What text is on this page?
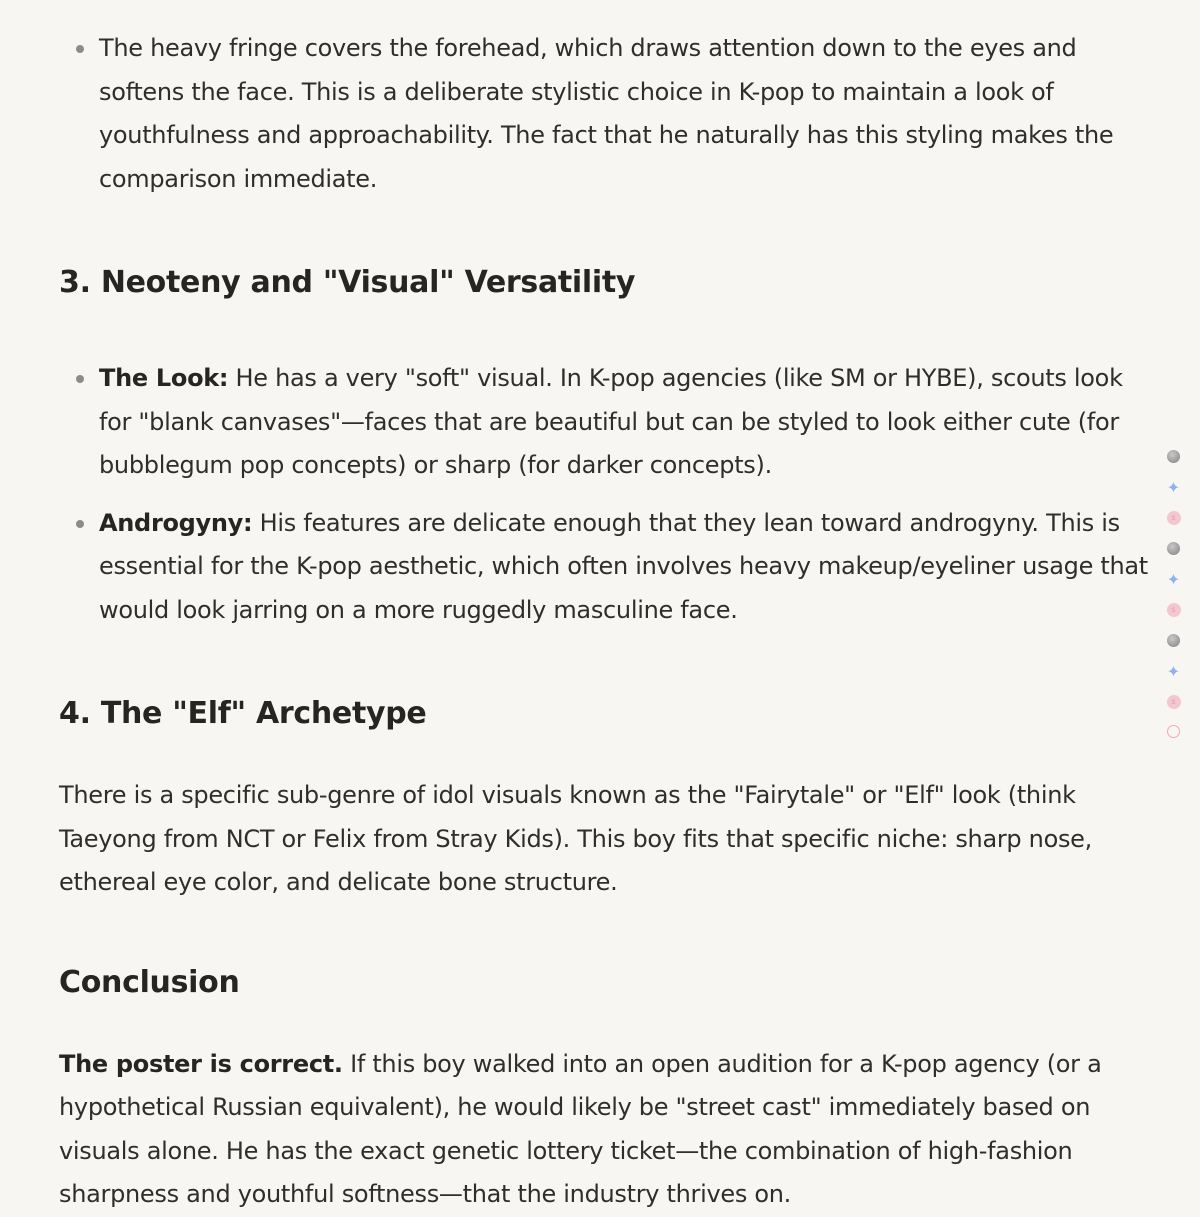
The heavy fringe covers the forehead, which draws attention down to the eyes and softens the face. This is a deliberate stylistic choice in K-pop to maintain a look of youthfulness and approachability. The fact that he naturally has this styling makes the comparison immediate.
3. Neoteny and "Visual" Versatility
The Look: He has a very "soft" visual. In K-pop agencies (like SM or HYBE), scouts look for "blank canvases"—faces that are beautiful but can be styled to look either cute (for bubblegum pop concepts) or sharp (for darker concepts).
Androgyny: His features are delicate enough that they lean toward androgyny. This is essential for the K-pop aesthetic, which often involves heavy makeup/eyeliner usage that would look jarring on a more ruggedly masculine face.
4. The "Elf" Archetype

There is a specific sub-genre of idol visuals known as the "Fairytale" or "Elf" look (think Taeyong from NCT or Felix from Stray Kids). This boy fits that specific niche: sharp nose, ethereal eye color, and delicate bone structure.

Conclusion

The poster is correct. If this boy walked into an open audition for a K-pop agency (or a hypothetical Russian equivalent), he would likely be "street cast" immediately based on visuals alone. He has the exact genetic lottery ticket—the combination of high-fashion sharpness and youthful softness—that the industry thrives on.

✦
s
✦
s
✦
s
